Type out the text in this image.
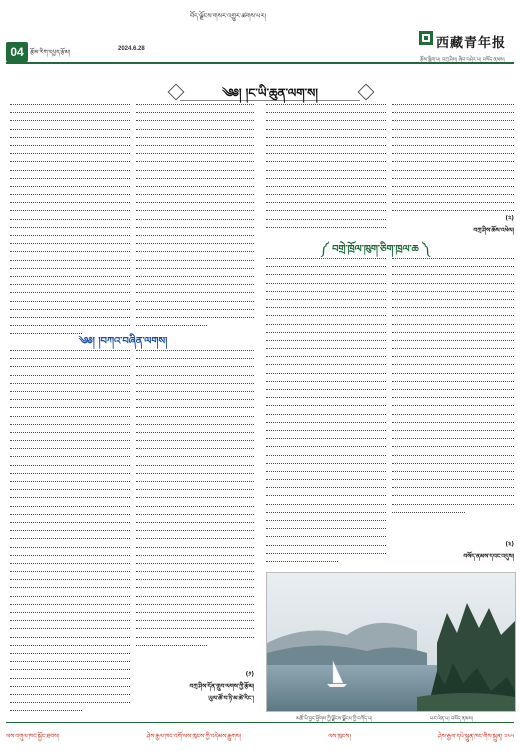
04	རྩོམ་རིག་དཔྱད་རྩོམ།	2024.6.28
བོད་ལྗོངས་གསར་འགྱུར་ཚགས་པར།
西藏青年报
རྩོམ་སྒྲིག་པ། བཀྲ་ཤིས། ཞིབ་བཤེར་པ། བསོད་ནམས།
༄༅། །ང་ཡི་ཆུན་ལག་ས།
༄༅། །བཀའ་བཞིན་ལགས།
(༡)
བཀྲ་ཤིས་དོན་གྲུབ་ལགས་ཀྱི་རྩོམ།
ཡུལ་ཚོ་བ་ཉི་མ་ཚེ་རིང་།
(༢)
བཀྲ་ཤིས་ཆོས་འཕེལ།
༼ བགྲེ་ཁྲོལ་ཁུག་ཅིག་ཁྲལ་ཆ ༽
(༣)
བསོད་ནམས་དབང་འདུས།
མཚོ་ཡི་བྱང་ཕྱོགས་ཀྱི་ལྗོངས་ལྗོངས་ཀྱི་བཀོད་པ།	པར་ལེན་པ། བསོད་ནམས།
ལས་འགུལ་ཁང་སྐྱོང་ཐབས།	ཤེས་རྒྱལ་ཁང་འགོ་ལས་ཁུངས་ཀྱི་འདེམས་རྒྱུགས།	ལས་ཁུངས།	ཤེས་རྒྱལ་དཔེ་སྐྲུན་ཁང་གིས་སྐྲུན། ༢༤༥
